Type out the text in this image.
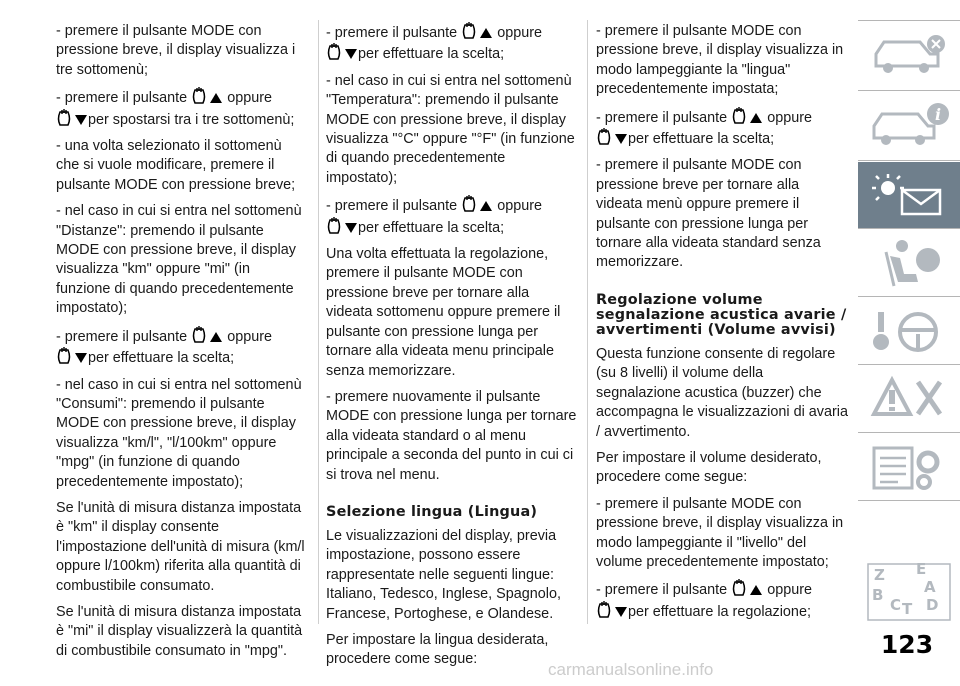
- premere il pulsante MODE con pressione breve, il display visualizza i tre sottomenù;

- premere il pulsante	oppure
per spostarsi tra i tre sottomenù;

- una volta selezionato il sottomenù che si vuole modificare, premere il pulsante MODE con pressione breve;

- nel caso in cui si entra nel sottomenù "Distanze": premendo il pulsante MODE con pressione breve, il display visualizza "km" oppure "mi" (in funzione di quando precedentemente impostato);

- premere il pulsante	oppure
per effettuare la scelta;

- nel caso in cui si entra nel sottomenù "Consumi": premendo il pulsante MODE con pressione breve, il display visualizza "km/l", "l/100km" oppure "mpg" (in funzione di quando precedentemente impostato);

Se l'unità di misura distanza impostata è "km" il display consente l'impostazione dell'unità di misura (km/l oppure l/100km) riferita alla quantità di combustibile consumato.

Se l'unità di misura distanza impostata è "mi" il display visualizzerà la quantità di combustibile consumato in "mpg".

- premere il pulsante	oppure
per effettuare la scelta;

- nel caso in cui si entra nel sottomenù "Temperatura": premendo il pulsante MODE con pressione breve, il display visualizza "°C" oppure "°F" (in funzione di quando precedentemente impostato);

- premere il pulsante	oppure
per effettuare la scelta;

Una volta effettuata la regolazione, premere il pulsante MODE con pressione breve per tornare alla videata sottomenu oppure premere il pulsante con pressione lunga per tornare alla videata menu principale senza memorizzare.

- premere nuovamente il pulsante MODE con pressione lunga per tornare alla videata standard o al menu principale a seconda del punto in cui ci si trova nel menu.

Selezione lingua (Lingua)

Le visualizzazioni del display, previa impostazione, possono essere rappresentate nelle seguenti lingue: Italiano, Tedesco, Inglese, Spagnolo, Francese, Portoghese, e Olandese.

Per impostare la lingua desiderata, procedere come segue:

- premere il pulsante MODE con pressione breve, il display visualizza in modo lampeggiante la "lingua" precedentemente impostata;

- premere il pulsante	oppure
per effettuare la scelta;

- premere il pulsante MODE con pressione breve per tornare alla videata menù oppure premere il pulsante con pressione lunga per tornare alla videata standard senza memorizzare.

Regolazione volume segnalazione acustica avarie / avvertimenti (Volume avvisi)

Questa funzione consente di regolare (su 8 livelli) il volume della segnalazione acustica (buzzer) che accompagna le visualizzazioni di avaria / avvertimento.

Per impostare il volume desiderato, procedere come segue:

- premere il pulsante MODE con pressione breve, il display visualizza in modo lampeggiante il "livello" del volume precedentemente impostato;

- premere il pulsante	oppure
per effettuare la regolazione;

i
Z E
A
B
C T D
123
carmanualsonline.info
